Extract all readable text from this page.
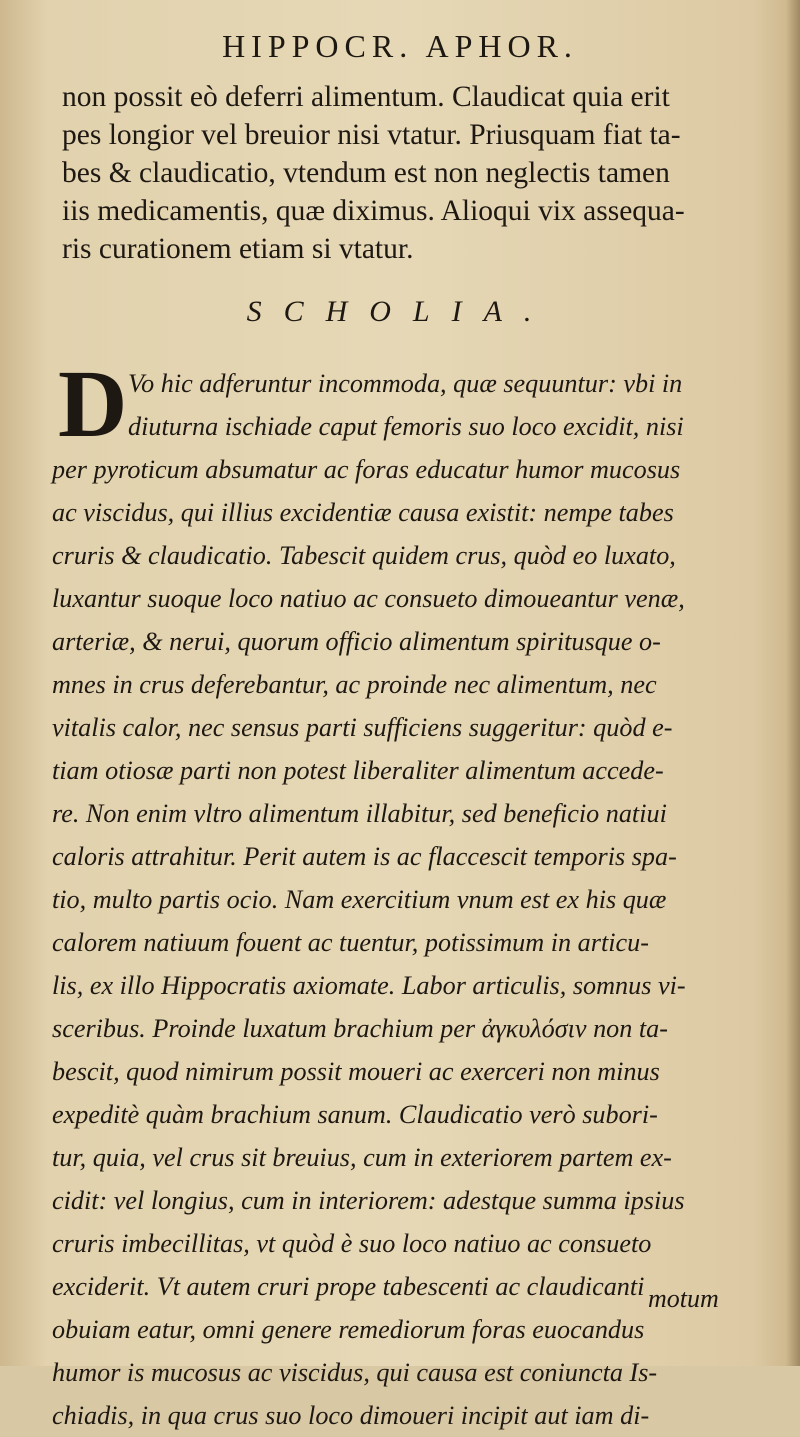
HIPPOCR. APHOR.
non possit eò deferri alimentum. Claudicat quia erit
pes longior vel breuior nisi vtatur. Priusquam fiat ta-
bes & claudicatio, vtendum est non neglectis tamen
iis medicamentis, quæ diximus. Alioqui vix assequa-
ris curationem etiam si vtatur.
SCHOLIA.
D Vo hic adferuntur incommoda, quæ sequuntur: vbi in
diuturna ischiade caput femoris suo loco excidit, nisi
per pyroticum absumatur ac foras educatur humor mucosus
ac viscidus, qui illius excidentiæ causa existit: nempe tabes
cruris & claudicatio. Tabescit quidem crus, quòd eo luxato,
luxantur suoque loco natiuo ac consueto dimoueantur venæ,
arteriæ, & nerui, quorum officio alimentum spiritusque o-
mnes in crus deferebantur, ac proinde nec alimentum, nec
vitalis calor, nec sensus parti sufficiens suggeritur: quòd e-
tiam otiosæ parti non potest liberaliter alimentum accede-
re. Non enim vltro alimentum illabitur, sed beneficio natiui
caloris attrahitur. Perit autem is ac flaccescit temporis spa-
tio, multo partis ocio. Nam exercitium vnum est ex his quæ
calorem natiuum fouent ac tuentur, potissimum in articu-
lis, ex illo Hippocratis axiomate. Labor articulis, somnus vi-
sceribus. Proinde luxatum brachium per ἀγκυλόσιν non ta-
bescit, quod nimirum possit moueri ac exerceri non minus
expeditè quàm brachium sanum. Claudicatio verò subori-
tur, quia, vel crus sit breuius, cum in exteriorem partem ex-
cidit: vel longius, cum in interiorem: adestque summa ipsius
cruris imbecillitas, vt quòd è suo loco natiuo ac consueto
exciderit. Vt autem cruri prope tabescenti ac claudicanti
obuiam eatur, omni genere remediorum foras euocandus
humor is mucosus ac viscidus, qui causa est coniuncta Is-
chiadis, in qua crus suo loco dimoueri incipit aut iam di-
motum
